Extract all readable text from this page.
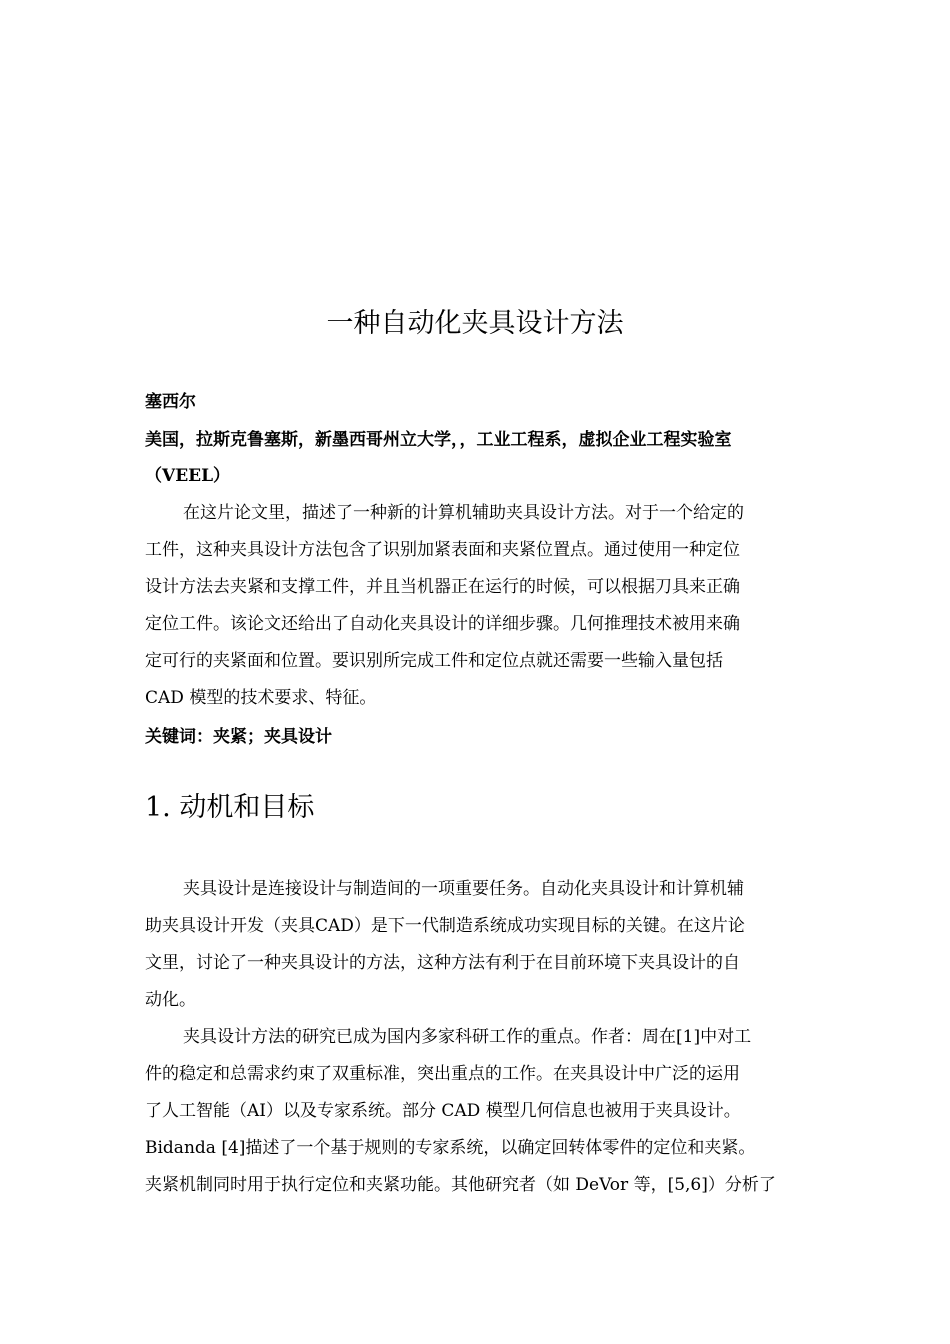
一种自动化夹具设计方法
塞西尔
美国，拉斯克鲁塞斯，新墨西哥州立大学，，工业工程系，虚拟企业工程实验室
（VEEL）
在这片论文里，描述了一种新的计算机辅助夹具设计方法。对于一个给定的
工件，这种夹具设计方法包含了识别加紧表面和夹紧位置点。通过使用一种定位
设计方法去夹紧和支撑工件，并且当机器正在运行的时候，可以根据刀具来正确
定位工件。该论文还给出了自动化夹具设计的详细步骤。几何推理技术被用来确
定可行的夹紧面和位置。要识别所完成工件和定位点就还需要一些输入量包括
CAD 模型的技术要求、特征。
关键词：夹紧；夹具设计
1. 动机和目标
夹具设计是连接设计与制造间的一项重要任务。自动化夹具设计和计算机辅
助夹具设计开发（夹具CAD）是下一代制造系统成功实现目标的关键。在这片论
文里，讨论了一种夹具设计的方法，这种方法有利于在目前环境下夹具设计的自
动化。
夹具设计方法的研究已成为国内多家科研工作的重点。作者：周在[1]中对工
件的稳定和总需求约束了双重标准，突出重点的工作。在夹具设计中广泛的运用
了人工智能（AI）以及专家系统。部分 CAD 模型几何信息也被用于夹具设计。
Bidanda [4]描述了一个基于规则的专家系统，以确定回转体零件的定位和夹紧。
夹紧机制同时用于执行定位和夹紧功能。其他研究者（如 DeVor 等，[5,6]）分析了
